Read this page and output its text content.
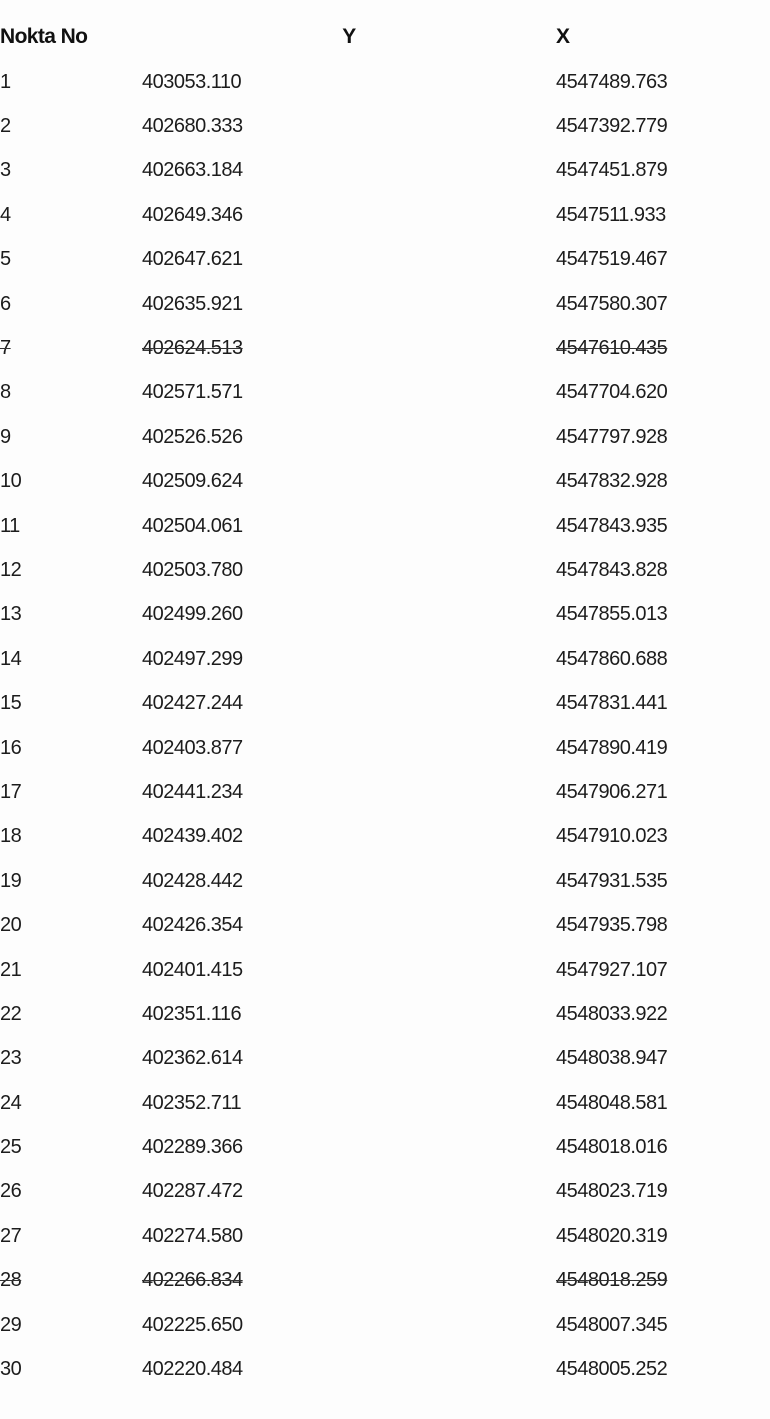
Nokta No	Y	X
1	403053.110	4547489.763
2	402680.333	4547392.779
3	402663.184	4547451.879
4	402649.346	4547511.933
5	402647.621	4547519.467
6	402635.921	4547580.307
7	402624.513	4547610.435
8	402571.571	4547704.620
9	402526.526	4547797.928
10	402509.624	4547832.928
11	402504.061	4547843.935
12	402503.780	4547843.828
13	402499.260	4547855.013
14	402497.299	4547860.688
15	402427.244	4547831.441
16	402403.877	4547890.419
17	402441.234	4547906.271
18	402439.402	4547910.023
19	402428.442	4547931.535
20	402426.354	4547935.798
21	402401.415	4547927.107
22	402351.116	4548033.922
23	402362.614	4548038.947
24	402352.711	4548048.581
25	402289.366	4548018.016
26	402287.472	4548023.719
27	402274.580	4548020.319
28	402266.834	4548018.259
29	402225.650	4548007.345
30	402220.484	4548005.252
